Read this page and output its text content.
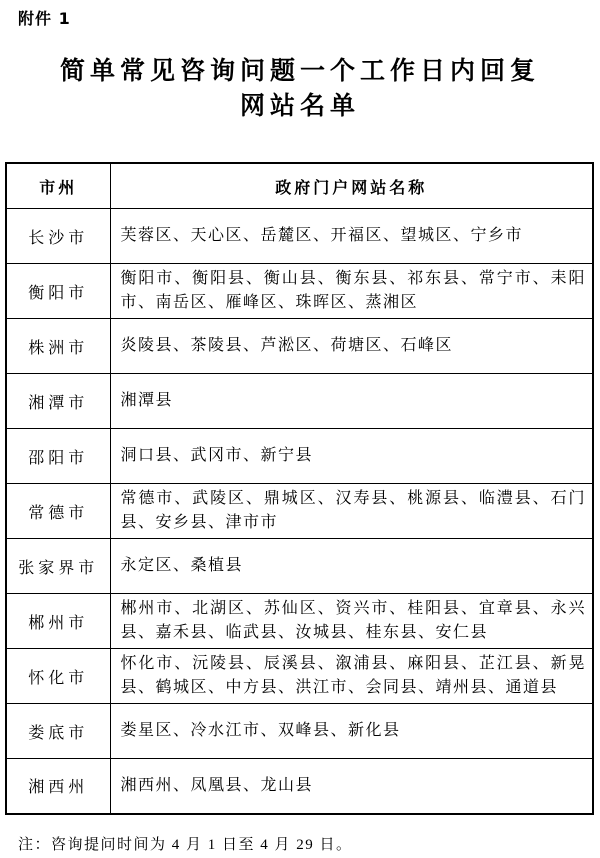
附件 1
简单常见咨询问题一个工作日内回复
网站名单
市州	政府门户网站名称
长沙市	芙蓉区、天心区、岳麓区、开福区、望城区、宁乡市
衡阳市	衡阳市、衡阳县、衡山县、衡东县、祁东县、常宁市、耒阳市、南岳区、雁峰区、珠晖区、蒸湘区
株洲市	炎陵县、茶陵县、芦淞区、荷塘区、石峰区
湘潭市	湘潭县
邵阳市	洞口县、武冈市、新宁县
常德市	常德市、武陵区、鼎城区、汉寿县、桃源县、临澧县、石门县、安乡县、津市市
张家界市	永定区、桑植县
郴州市	郴州市、北湖区、苏仙区、资兴市、桂阳县、宜章县、永兴县、嘉禾县、临武县、汝城县、桂东县、安仁县
怀化市	怀化市、沅陵县、辰溪县、溆浦县、麻阳县、芷江县、新晃县、鹤城区、中方县、洪江市、会同县、靖州县、通道县
娄底市	娄星区、冷水江市、双峰县、新化县
湘西州	湘西州、凤凰县、龙山县
注：咨询提问时间为 4 月 1 日至 4 月 29 日。
